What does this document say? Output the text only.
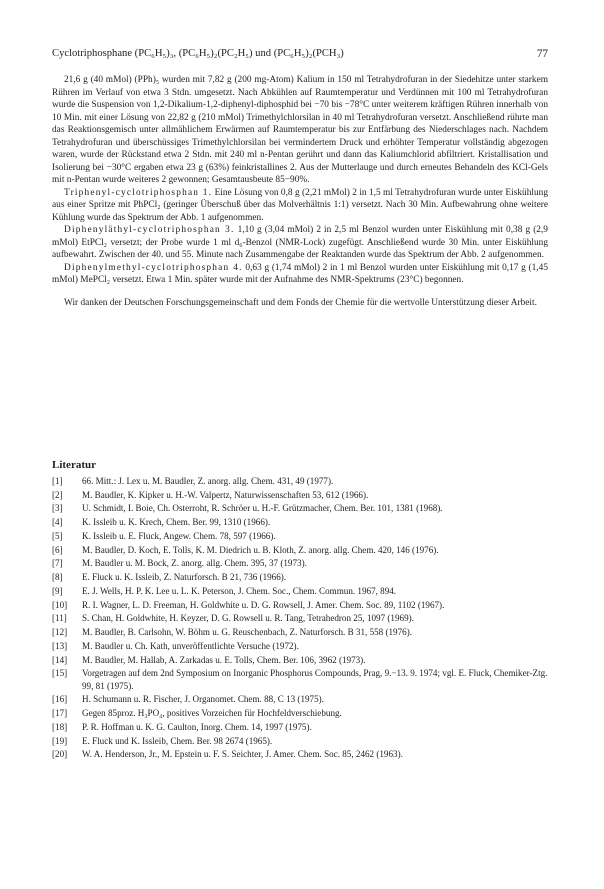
Cyclotriphosphane (PC₆H₅)₃, (PC₆H₅)₂(PC₂H₅) und (PC₆H₅)₂(PCH₃)	77

21,6 g (40 mMol) (PPh)₅ wurden mit 7,82 g (200 mg-Atom) Kalium in 150 ml Tetrahydrofuran in der Siedehitze unter starkem Rühren im Verlauf von etwa 3 Stdn. umgesetzt. Nach Abkühlen auf Raumtemperatur und Verdünnen mit 100 ml Tetrahydrofuran wurde die Suspension von 1,2-Dikalium-1,2-diphenyl-diphosphid bei −70 bis −78°C unter weiterem kräftigen Rühren innerhalb von 10 Min. mit einer Lösung von 22,82 g (210 mMol) Trimethylchlorsilan in 40 ml Tetrahydrofuran versetzt. Anschließend rührte man das Reaktionsgemisch unter allmählichem Erwärmen auf Raumtemperatur bis zur Entfärbung des Niederschlages nach. Nachdem Tetrahydrofuran und überschüssiges Trimethylchlorsilan bei vermindertem Druck und erhöhter Temperatur vollständig abgezogen waren, wurde der Rückstand etwa 2 Stdn. mit 240 ml n-Pentan gerührt und dann das Kaliumchlorid abfiltriert. Kristallisation und Isolierung bei −30°C ergaben etwa 23 g (63%) feinkristallines 2. Aus der Mutterlauge und durch erneutes Behandeln des KCl-Gels mit n-Pentan wurde weiteres 2 gewonnen; Gesamtausbeute 85−90%.

Triphenyl-cyclotriphosphan 1. Eine Lösung von 0,8 g (2,21 mMol) 2 in 1,5 ml Tetrahydrofuran wurde unter Eiskühlung aus einer Spritze mit PhPCl₂ (geringer Überschuß über das Molverhältnis 1:1) versetzt. Nach 30 Min. Aufbewahrung ohne weitere Kühlung wurde das Spektrum der Abb. 1 aufgenommen.

Diphenyläthyl-cyclotriphosphan 3. 1,10 g (3,04 mMol) 2 in 2,5 ml Benzol wurden unter Eiskühlung mit 0,38 g (2,9 mMol) EtPCl₂ versetzt; der Probe wurde 1 ml d₆-Benzol (NMR-Lock) zugefügt. Anschließend wurde 30 Min. unter Eiskühlung aufbewahrt. Zwischen der 40. und 55. Minute nach Zusammengabe der Reaktanden wurde das Spektrum der Abb. 2 aufgenommen.

Diphenylmethyl-cyclotriphosphan 4. 0,63 g (1,74 mMol) 2 in 1 ml Benzol wurden unter Eiskühlung mit 0,17 g (1,45 mMol) MePCl₂ versetzt. Etwa 1 Min. später wurde mit der Aufnahme des NMR-Spektrums (23°C) begonnen.

Wir danken der Deutschen Forschungsgemeinschaft und dem Fonds der Chemie für die wertvolle Unterstützung dieser Arbeit.

Literatur
[1]	66. Mitt.: J. Lex u. M. Baudler, Z. anorg. allg. Chem. 431, 49 (1977).
[2]	M. Baudler, K. Kipker u. H.-W. Valpertz, Naturwissenschaften 53, 612 (1966).
[3]	U. Schmidt, I. Boie, Ch. Osterroht, R. Schröer u. H.-F. Grützmacher, Chem. Ber. 101, 1381 (1968).
[4]	K. Issleib u. K. Krech, Chem. Ber. 99, 1310 (1966).
[5]	K. Issleib u. E. Fluck, Angew. Chem. 78, 597 (1966).
[6]	M. Baudler, D. Koch, E. Tolls, K. M. Diedrich u. B. Kloth, Z. anorg. allg. Chem. 420, 146 (1976).
[7]	M. Baudler u. M. Bock, Z. anorg. allg. Chem. 395, 37 (1973).
[8]	E. Fluck u. K. Issleib, Z. Naturforsch. B 21, 736 (1966).
[9]	E. J. Wells, H. P. K. Lee u. L. K. Peterson, J. Chem. Soc., Chem. Commun. 1967, 894.
[10]	R. I. Wagner, L. D. Freeman, H. Goldwhite u. D. G. Rowsell, J. Amer. Chem. Soc. 89, 1102 (1967).
[11]	S. Chan, H. Goldwhite, H. Keyzer, D. G. Rowsell u. R. Tang, Tetrahedron 25, 1097 (1969).
[12]	M. Baudler, B. Carlsohn, W. Böhm u. G. Reuschenbach, Z. Naturforsch. B 31, 558 (1976).
[13]	M. Baudler u. Ch. Kath, unveröffentlichte Versuche (1972).
[14]	M. Baudler, M. Hallab, A. Zarkadas u. E. Tolls, Chem. Ber. 106, 3962 (1973).
[15]	Vorgetragen auf dem 2nd Symposium on Inorganic Phosphorus Compounds, Prag, 9.−13. 9. 1974; vgl. E. Fluck, Chemiker-Ztg. 99, 81 (1975).
[16]	H. Schumann u. R. Fischer, J. Organomet. Chem. 88, C 13 (1975).
[17]	Gegen 85proz. H₃PO₄, positives Vorzeichen für Hochfeldverschiebung.
[18]	P. R. Hoffman u. K. G. Caulton, Inorg. Chem. 14, 1997 (1975).
[19]	E. Fluck und K. Issleib, Chem. Ber. 98 2674 (1965).
[20]	W. A. Henderson, Jr., M. Epstein u. F. S. Seichter, J. Amer. Chem. Soc. 85, 2462 (1963).
